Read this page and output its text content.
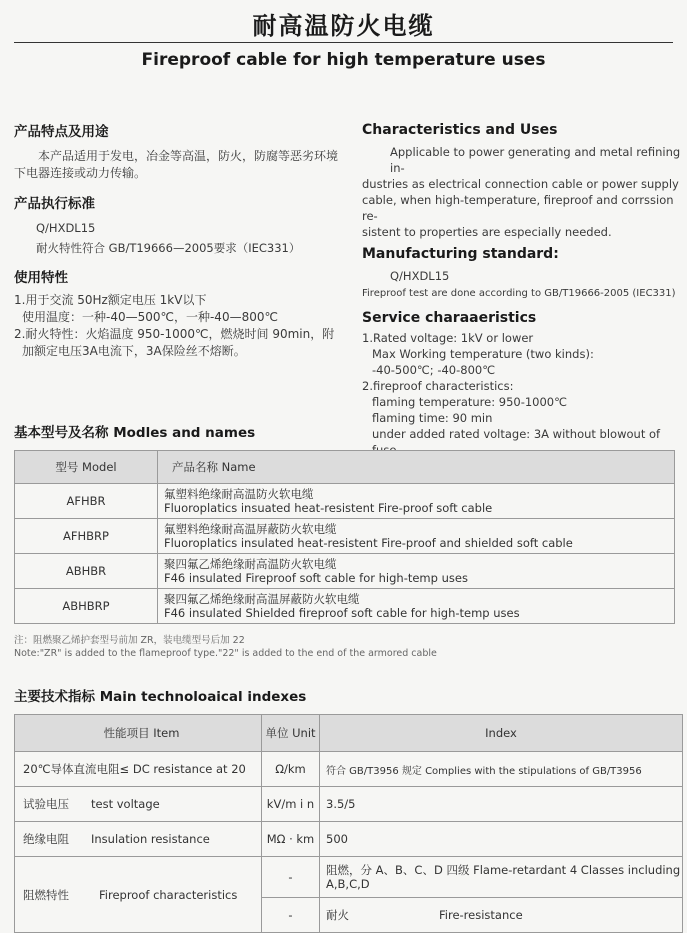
耐高温防火电缆
Fireproof cable for high temperature uses
产品特点及用途
本产品适用于发电，冶金等高温，防火，防腐等恶劣环境下电器连接或动力传输。
产品执行标准
Q/HXDL15
耐火特性符合 GB/T19666—2005要求（IEC331）
使用特性
1.用于交流 50Hz额定电压 1kV以下
使用温度：一种-40—500℃，一种-40—800℃
2.耐火特性：火焰温度 950-1000℃，燃烧时间 90min，附
加额定电压3A电流下，3A保险丝不熔断。
Characteristics and Uses
Applicable to power generating and metal refining in-
dustries as electrical connection cable or power supply
cable, when high-temperature, fireproof and corrssion re-
sistent to properties are especially needed.
Manufacturing standard:
Q/HXDL15
Fireproof test are done according to GB/T19666-2005 (IEC331)
Service charaaeristics
1.Rated voltage: 1kV or lower
Max Working temperature (two kinds):
-40-500℃; -40-800℃
2.fireproof characteristics:
flaming temperature: 950-1000℃
flaming time: 90 min
under added rated voltage: 3A without blowout of
基本型号及名称 Modles and names
型号 Model	产品名称 Name
AFHBR	氟塑料绝缘耐高温防火软电缆
Fluoroplatics insuated heat-resistent Fire-proof soft cable

AFHBRP	氟塑料绝缘耐高温屏蔽防火软电缆
Fluoroplatics insulated heat-resistent Fire-proof and shielded soft cable

ABHBR	聚四氟乙烯绝缘耐高温防火软电缆
F46 insulated Fireproof soft cable for high-temp uses

ABHBRP	聚四氟乙烯绝缘耐高温屏蔽防火软电缆
F46 insulated Shielded fireproof soft cable for high-temp uses
注：阻燃聚乙烯护套型号前加 ZR，装电缆型号后加 22
Note:"ZR" is added to the flameproof type."22" is added to the end of the armored cable
主要技术指标 Main technoloaical indexes
性能项目 Item	单位 Unit	Index
20℃导体直流电阻≤ DC resistance at 20	Ω/km	符合 GB/T3956 规定 Complies with the stipulations of GB/T3956
试验电压 test voltage	kV/m i n	3.5/5
绝缘电阻 Insulation resistance	MΩ · km	500
阻燃特性 Fireproof characteristics	-	阻燃，分 A、B、C、D 四级 Flame-retardant 4 Classes including A,B,C,D
	-	耐火 Fire-resistance
